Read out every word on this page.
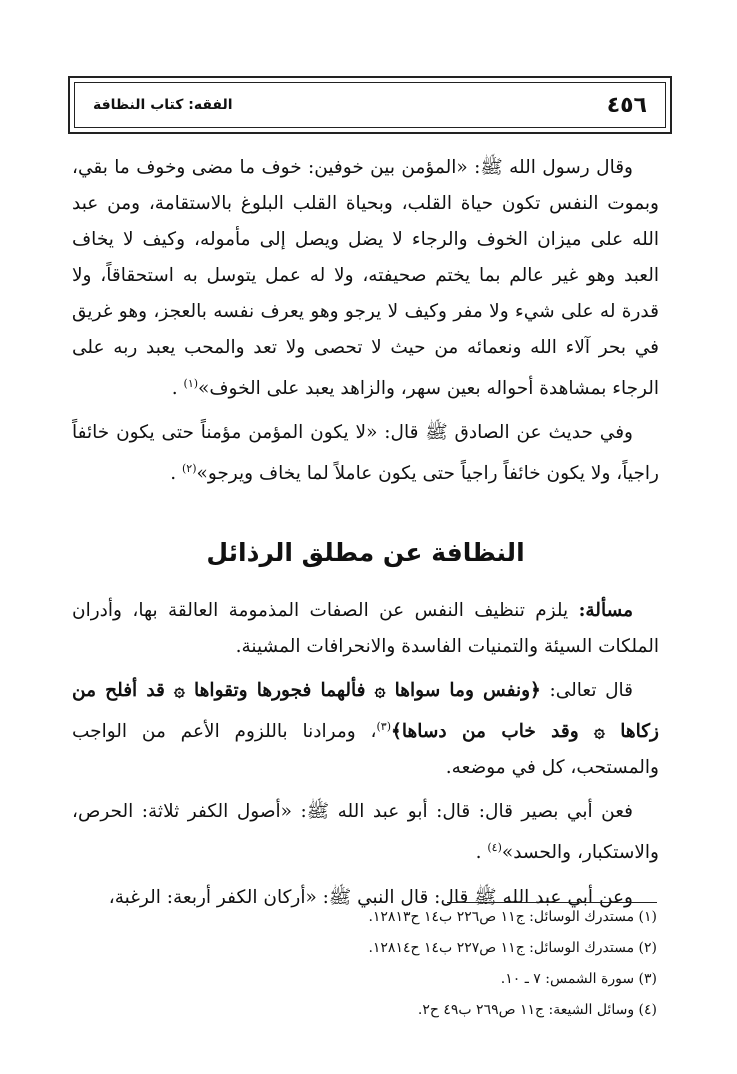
٤٥٦
الفقه: كتاب النظافة

وقال رسول الله ﷺ: «المؤمن بين خوفين: خوف ما مضى وخوف ما بقي، وبموت النفس تكون حياة القلب، وبحياة القلب البلوغ بالاستقامة، ومن عبد الله على ميزان الخوف والرجاء لا يضل ويصل إلى مأموله، وكيف لا يخاف العبد وهو غير عالم بما يختم صحيفته، ولا له عمل يتوسل به استحقاقاً، ولا قدرة له على شيء ولا مفر وكيف لا يرجو وهو يعرف نفسه بالعجز، وهو غريق في بحر آلاء الله ونعمائه من حيث لا تحصى ولا تعد والمحب يعبد ربه على الرجاء بمشاهدة أحواله بعين سهر، والزاهد يعبد على الخوف»$^{(١)}$ .

وفي حديث عن الصادق ﷺ قال: «لا يكون المؤمن مؤمناً حتى يكون خائفاً راجياً، ولا يكون خائفاً راجياً حتى يكون عاملاً لما يخاف ويرجو»$^{(٢)}$ .

النظافة عن مطلق الرذائل

مسألة: يلزم تنظيف النفس عن الصفات المذمومة العالقة بها، وأدران الملكات السيئة والتمنيات الفاسدة والانحرافات المشينة.

قال تعالى: ﴿ونفس وما سواها ۞ فألهما فجورها وتقواها ۞ قد أفلح من زكاها ۞ وقد خاب من دساها﴾$^{(٣)}$، ومرادنا باللزوم الأعم من الواجب والمستحب، كل في موضعه.

فعن أبي بصير قال: قال: أبو عبد الله ﷺ: «أصول الكفر ثلاثة: الحرص، والاستكبار، والحسد»$^{(٤)}$ .

وعن أبي عبد الله ﷺ قال: قال النبي ﷺ: «أركان الكفر أربعة: الرغبة،

(١) مستدرك الوسائل: ج١١ ص٢٢٦ ب١٤ ح١٢٨١٣.
(٢) مستدرك الوسائل: ج١١ ص٢٢٧ ب١٤ ح١٢٨١٤.
(٣) سورة الشمس: ٧ ـ ١٠.
(٤) وسائل الشيعة: ج١١ ص٢٦٩ ب٤٩ ح٢.
